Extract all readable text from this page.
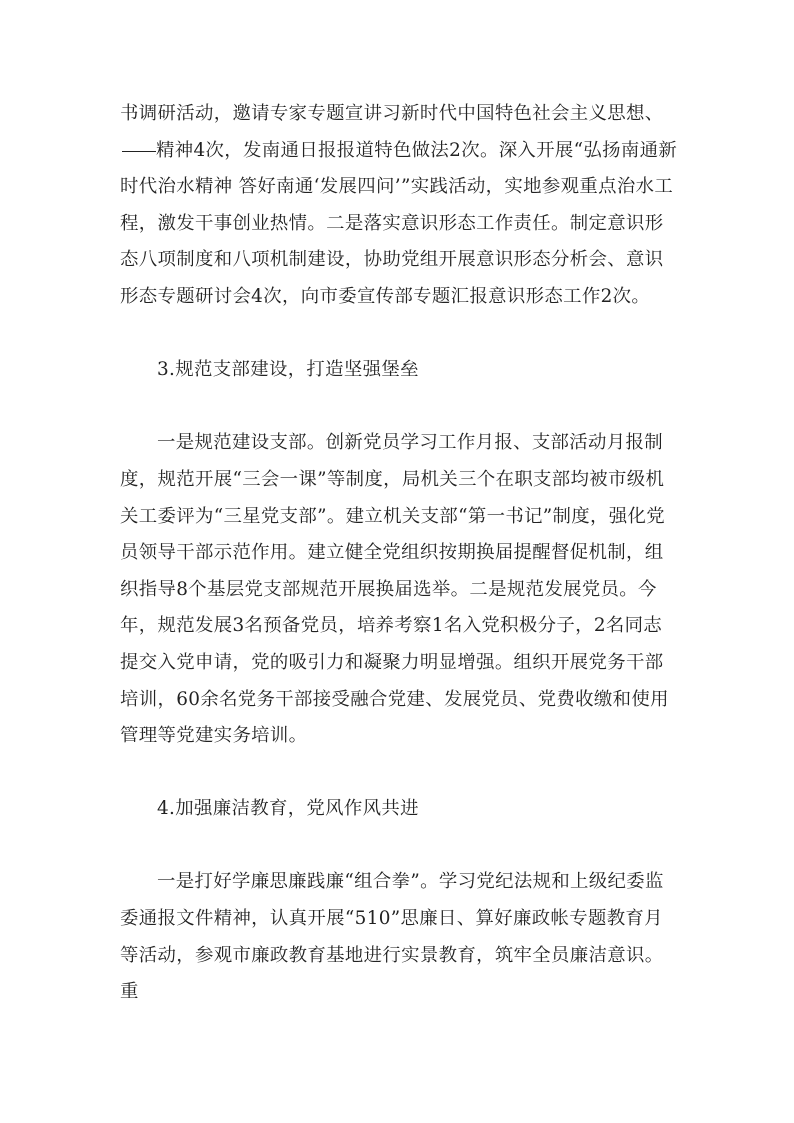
书调研活动，邀请专家专题宣讲习新时代中国特色社会主义思想、精神4次，发南通日报报道特色做法2次。深入开展“弘扬南通新时代治水精神 答好南通‘发展四问’”实践活动，实地参观重点治水工程，激发干事创业热情。二是落实意识形态工作责任。制定意识形态八项制度和八项机制建设，协助党组开展意识形态分析会、意识形态专题研讨会4次，向市委宣传部专题汇报意识形态工作2次。

3.规范支部建设，打造坚强堡垒

一是规范建设支部。创新党员学习工作月报、支部活动月报制度，规范开展“三会一课”等制度，局机关三个在职支部均被市级机关工委评为“三星党支部”。建立机关支部“第一书记”制度，强化党员领导干部示范作用。建立健全党组织按期换届提醒督促机制，组织指导8个基层党支部规范开展换届选举。二是规范发展党员。今年，规范发展3名预备党员，培养考察1名入党积极分子，2名同志提交入党申请，党的吸引力和凝聚力明显增强。组织开展党务干部培训，60余名党务干部接受融合党建、发展党员、党费收缴和使用管理等党建实务培训。

4.加强廉洁教育，党风作风共进

一是打好学廉思廉践廉“组合拳”。学习党纪法规和上级纪委监委通报文件精神，认真开展“510”思廉日、算好廉政帐专题教育月等活动，参观市廉政教育基地进行实景教育，筑牢全员廉洁意识。重
